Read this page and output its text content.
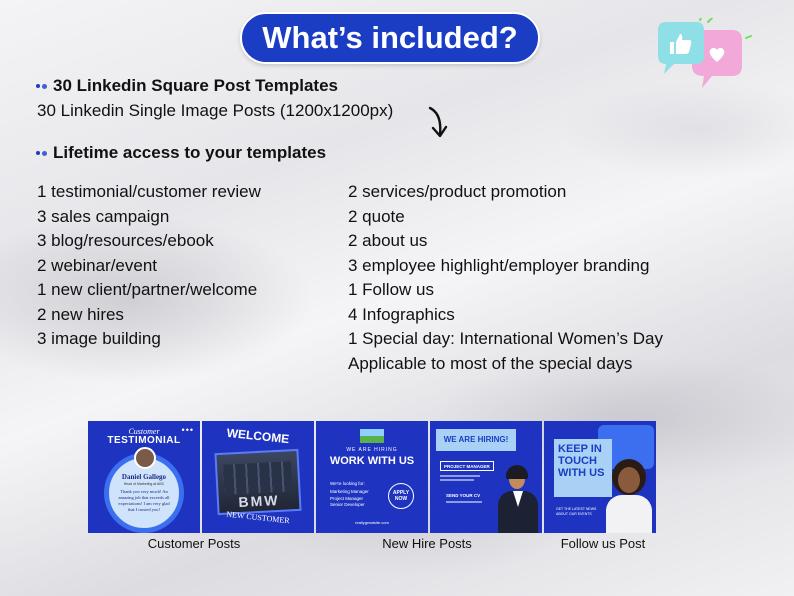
What’s included?
30 Linkedin Square Post Templates
30 Linkedin Single Image Posts (1200x1200px)
Lifetime access to your templates
1 testimonial/customer review
3 sales campaign
3 blog/resources/ebook
2 webinar/event
1 new client/partner/welcome
2 new hires
3 image building
2 services/product promotion
2 quote
2 about us
3 employee highlight/employer branding
1 Follow us
4 Infographics
1 Special day: International Women’s Day
Applicable to most of the special days
•••
Customer
TESTIMONIAL
Daniel Gallego
Head of Marketing at ABC
Thank you very much! An amazing job that exceeds all expectations! I am very glad that I trusted you!
WELCOME
BMW
NEW CUSTOMER
WE ARE HIRING
WORK WITH US
We're looking for:
Marketing Manager
Project Manager
Senior Developer
APPLY NOW
reallygreatsite.com
WE ARE HIRING!
PROJECT MANAGER
SEND YOUR CV
KEEP IN TOUCH WITH US
GET THE LATEST NEWS ABOUT OUR EVENTS
Customer Posts	New Hire Posts	Follow us Post
